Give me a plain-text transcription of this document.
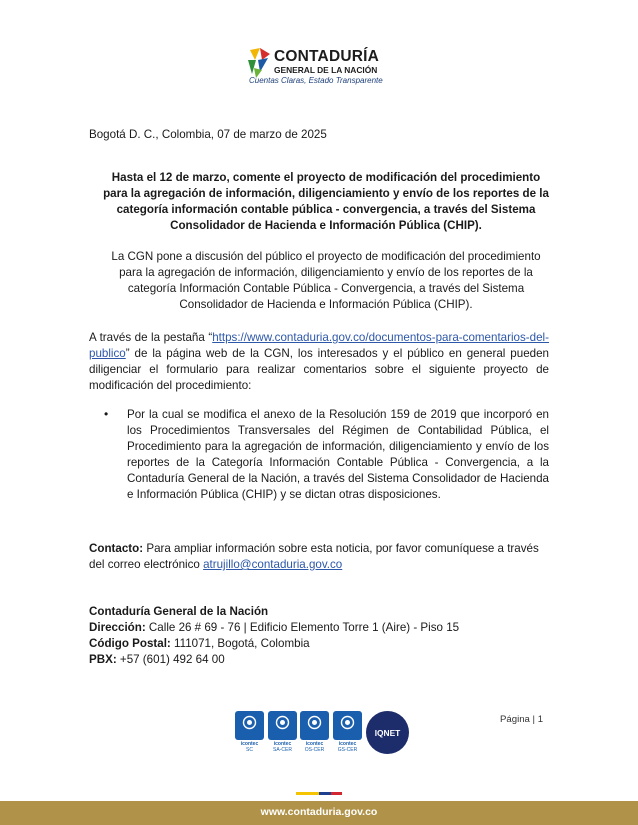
CONTADURÍA
GENERAL DE LA NACIÓN
Cuentas Claras, Estado Transparente
Bogotá D. C., Colombia, 07 de marzo de 2025
Hasta el 12 de marzo, comente el proyecto de modificación del procedimiento para la agregación de información, diligenciamiento y envío de los reportes de la categoría información contable pública - convergencia, a través del Sistema Consolidador de Hacienda e Información Pública (CHIP).
La CGN pone a discusión del público el proyecto de modificación del procedimiento para la agregación de información, diligenciamiento y envío de los reportes de la categoría Información Contable Pública - Convergencia, a través del Sistema Consolidador de Hacienda e Información Pública (CHIP).
A través de la pestaña “https://www.contaduria.gov.co/documentos-para-comentarios-del-publico” de la página web de la CGN, los interesados y el público en general pueden diligenciar el formulario para realizar comentarios sobre el siguiente proyecto de modificación del procedimiento:
• Por la cual se modifica el anexo de la Resolución 159 de 2019 que incorporó en los Procedimientos Transversales del Régimen de Contabilidad Pública, el Procedimiento para la agregación de información, diligenciamiento y envío de los reportes de la Categoría Información Contable Pública - Convergencia, a la Contaduría General de la Nación, a través del Sistema Consolidador de Hacienda e Información Pública (CHIP) y se dictan otras disposiciones.
Contacto: Para ampliar información sobre esta noticia, por favor comuníquese a través del correo electrónico atrujillo@contaduria.gov.co
Contaduría General de la Nación
Dirección: Calle 26 # 69 - 76 | Edificio Elemento Torre 1 (Aire) - Piso 15
Código Postal: 111071, Bogotá, Colombia
PBX: +57 (601) 492 64 00
Página | 1
icontec
SC
icontec
SA-CER
icontec
OS-CER
icontec
GS-CER
IQNET
www.contaduria.gov.co
